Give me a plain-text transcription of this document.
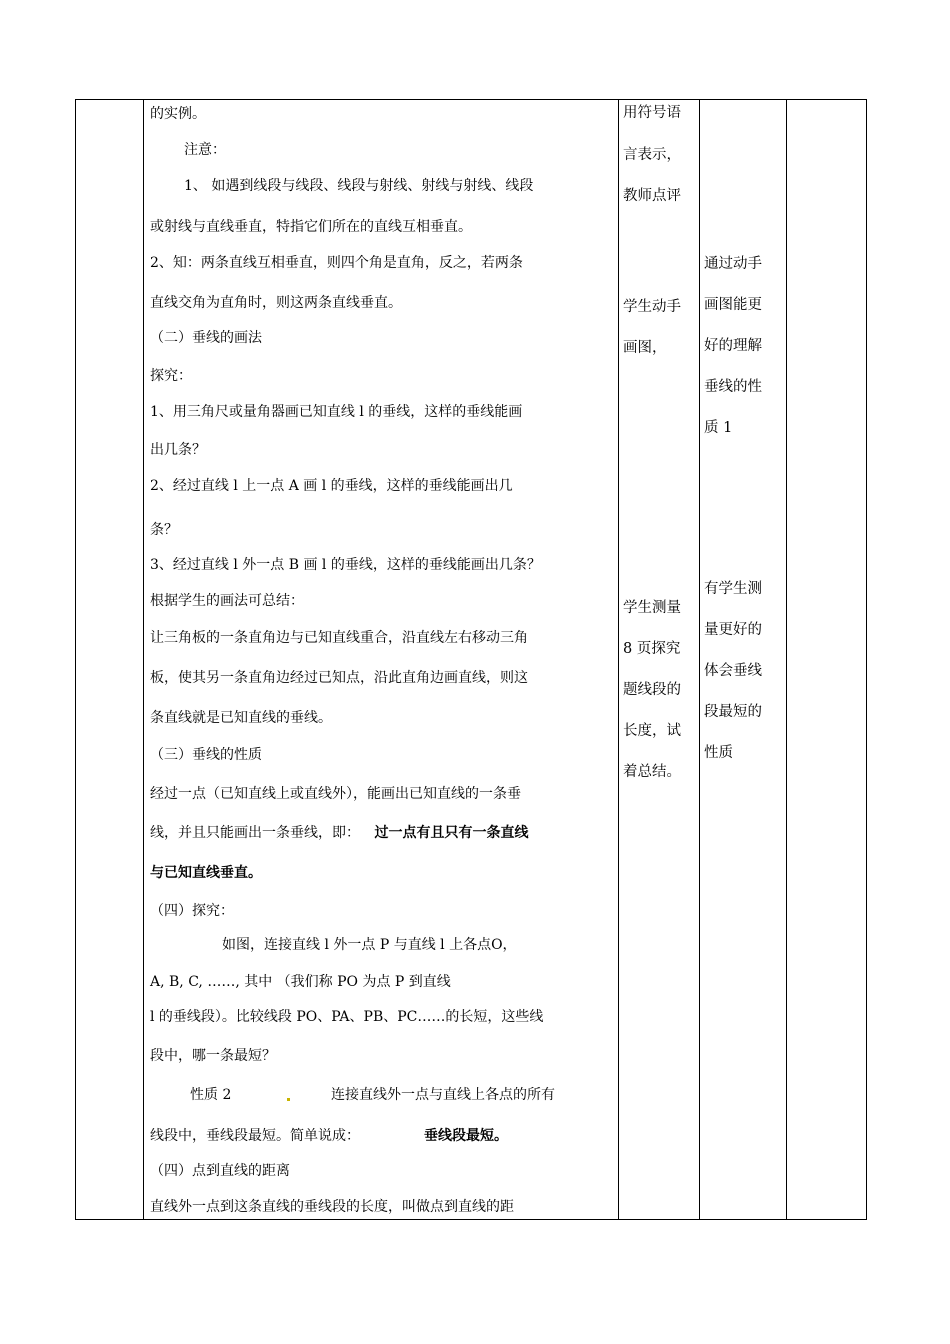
的实例。
注意：
1、 如遇到线段与线段、线段与射线、射线与射线、线段
或射线与直线垂直，特指它们所在的直线互相垂直。
2、知：两条直线互相垂直，则四个角是直角，反之，若两条
直线交角为直角时，则这两条直线垂直。
（二）垂线的画法
探究：
1、用三角尺或量角器画已知直线 l 的垂线，这样的垂线能画
出几条？
2、经过直线 l 上一点 A 画 l 的垂线，这样的垂线能画出几
条？
3、经过直线 l 外一点 B 画 l 的垂线，这样的垂线能画出几条？
根据学生的画法可总结：
让三角板的一条直角边与已知直线重合，沿直线左右移动三角
板，使其另一条直角边经过已知点，沿此直角边画直线，则这
条直线就是已知直线的垂线。
（三）垂线的性质
经过一点（已知直线上或直线外），能画出已知直线的一条垂
线，并且只能画出一条垂线，即： 过一点有且只有一条直线
与已知直线垂直。
（四）探究：
如图，连接直线 l 外一点 P 与直线 l 上各点O，
A, B, C, ……, 其中 （我们称 PO 为点 P 到直线
l 的垂线段）。比较线段 PO、PA、PB、PC……的长短，这些线
段中，哪一条最短？
性质 2	连接直线外一点与直线上各点的所有
线段中，垂线段最短。简单说成：	垂线段最短。
（四）点到直线的距离
直线外一点到这条直线的垂线段的长度，叫做点到直线的距
用符号语
言表示，
教师点评
学生动手
画图，
学生测量
8 页探究
题线段的
长度，试
着总结。
通过动手
画图能更
好的理解
垂线的性
质 1
有学生测
量更好的
体会垂线
段最短的
性质
